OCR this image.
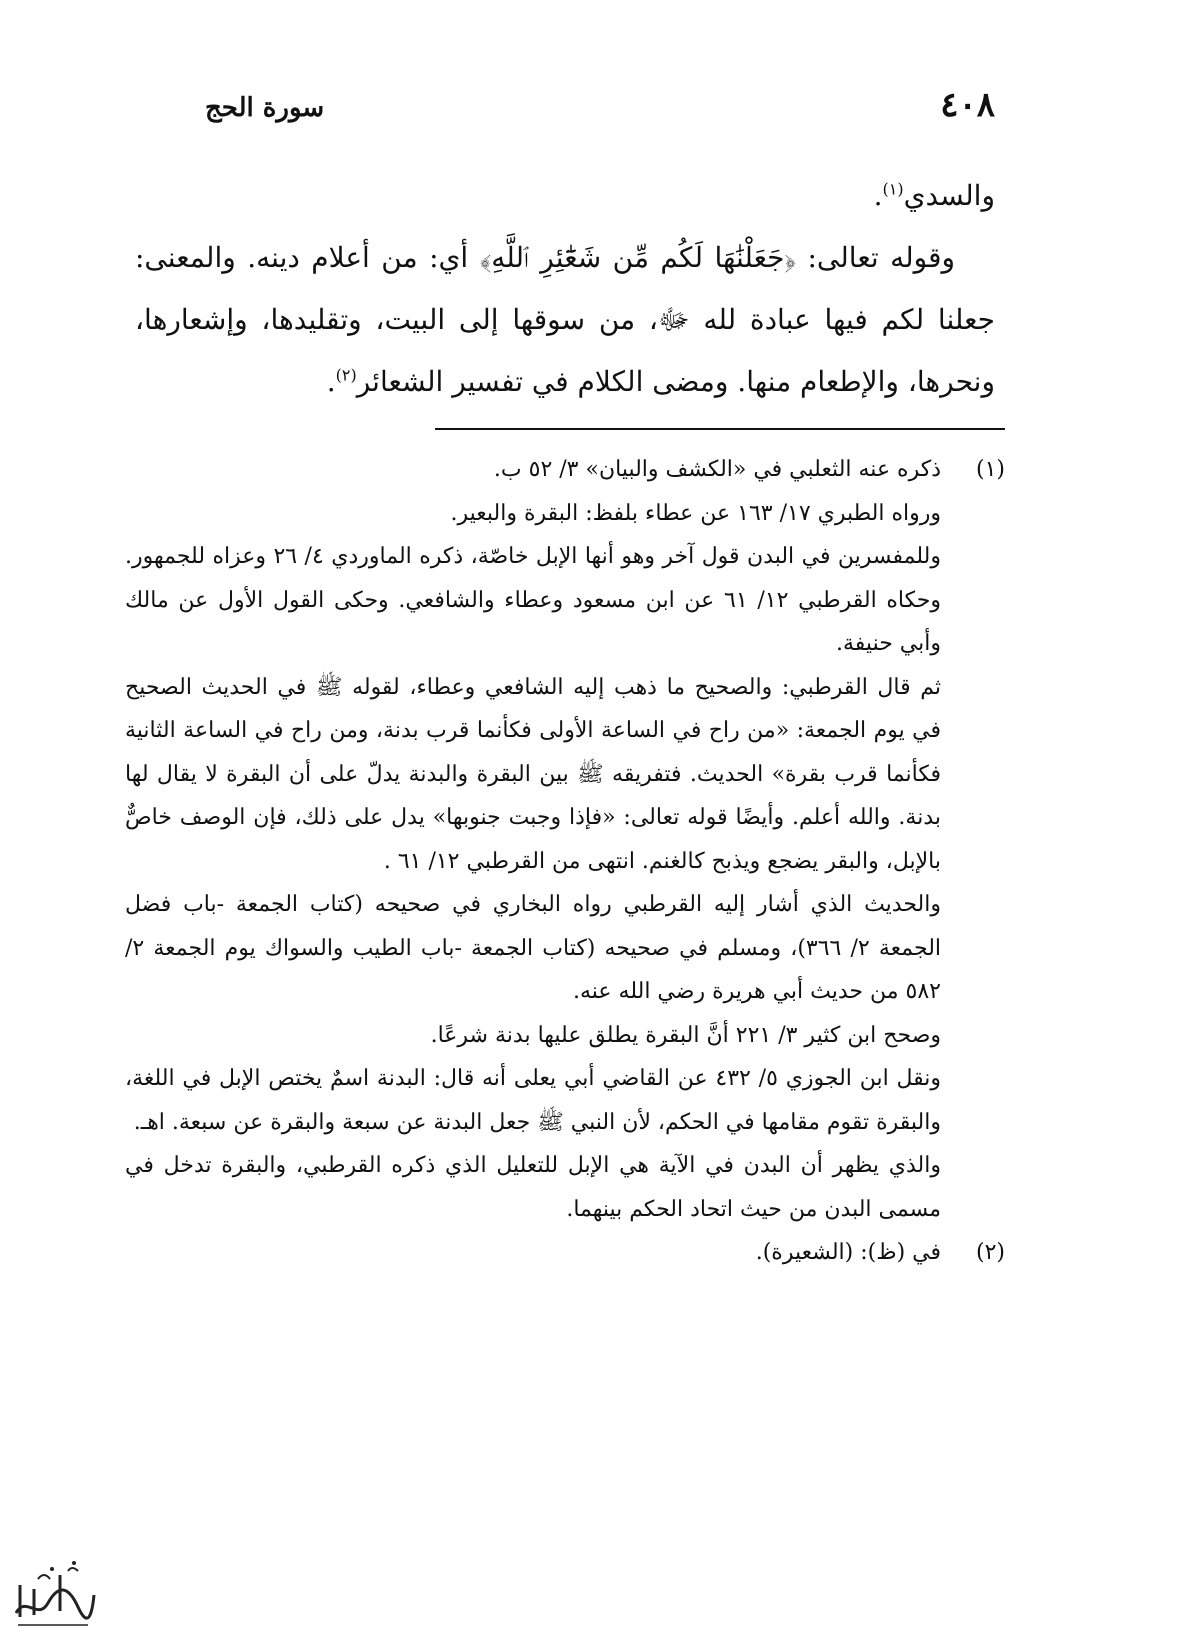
٤٠٨
سورة الحج

والسدي$^{(١)}$.

وقوله تعالى: ﴿جَعَلْنَٰهَا لَكُم مِّن شَعَٰٓئِرِ ٱللَّهِ﴾ أي: من أعلام دينه. والمعنى: جعلنا لكم فيها عبادة لله ﷻ، من سوقها إلى البيت، وتقليدها، وإشعارها، ونحرها، والإطعام منها. ومضى الكلام في تفسير الشعائر$^{(٢)}$.

(١)

ذكره عنه الثعلبي في «الكشف والبيان» ٣/ ٥٢ ب.

ورواه الطبري ١٧/ ١٦٣ عن عطاء بلفظ: البقرة والبعير.

وللمفسرين في البدن قول آخر وهو أنها الإبل خاصّة، ذكره الماوردي ٤/ ٢٦ وعزاه للجمهور. وحكاه القرطبي ١٢/ ٦١ عن ابن مسعود وعطاء والشافعي. وحكى القول الأول عن مالك وأبي حنيفة.

ثم قال القرطبي: والصحيح ما ذهب إليه الشافعي وعطاء، لقوله ﷺ في الحديث الصحيح في يوم الجمعة: «من راح في الساعة الأولى فكأنما قرب بدنة، ومن راح في الساعة الثانية فكأنما قرب بقرة» الحديث. فتفريقه ﷺ بين البقرة والبدنة يدلّ على أن البقرة لا يقال لها بدنة. والله أعلم. وأيضًا قوله تعالى: «فإذا وجبت جنوبها» يدل على ذلك، فإن الوصف خاصٌّ بالإبل، والبقر يضجع ويذبح كالغنم. انتهى من القرطبي ١٢/ ٦١ .

والحديث الذي أشار إليه القرطبي رواه البخاري في صحيحه (كتاب الجمعة -باب فضل الجمعة ٢/ ٣٦٦)، ومسلم في صحيحه (كتاب الجمعة -باب الطيب والسواك يوم الجمعة ٢/ ٥٨٢ من حديث أبي هريرة رضي الله عنه.

وصحح ابن كثير ٣/ ٢٢١ أنَّ البقرة يطلق عليها بدنة شرعًا.

ونقل ابن الجوزي ٥/ ٤٣٢ عن القاضي أبي يعلى أنه قال: البدنة اسمٌ يختص الإبل في اللغة، والبقرة تقوم مقامها في الحكم، لأن النبي ﷺ جعل البدنة عن سبعة والبقرة عن سبعة. اهـ.

والذي يظهر أن البدن في الآية هي الإبل للتعليل الذي ذكره القرطبي، والبقرة تدخل في مسمى البدن من حيث اتحاد الحكم بينهما.

(٢)

في (ظ): (الشعيرة).
